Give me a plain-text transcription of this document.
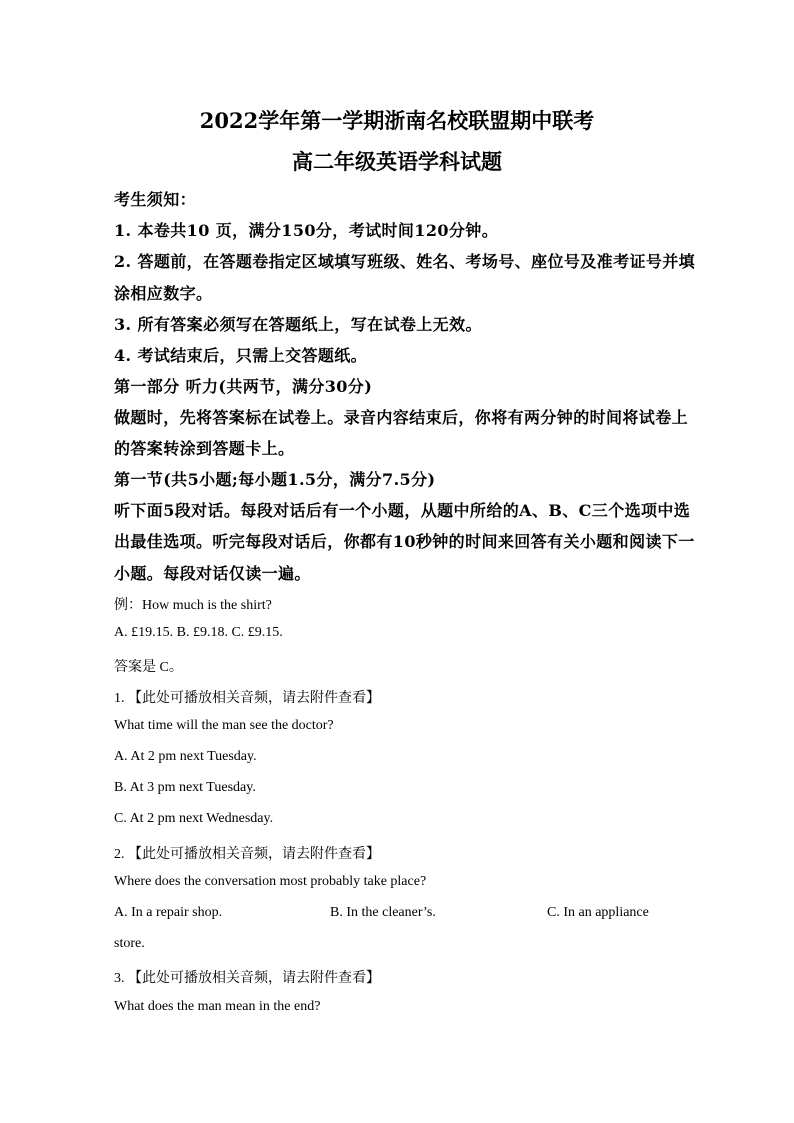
2022学年第一学期浙南名校联盟期中联考
高二年级英语学科试题
考生须知：
1. 本卷共10 页，满分150分，考试时间120分钟。
2. 答题前，在答题卷指定区域填写班级、姓名、考场号、座位号及准考证号并填
涂相应数字。
3. 所有答案必须写在答题纸上，写在试卷上无效。
4. 考试结束后，只需上交答题纸。
第一部分 听力(共两节，满分30分)
做题时，先将答案标在试卷上。录音内容结束后，你将有两分钟的时间将试卷上
的答案转涂到答题卡上。
第一节(共5小题;每小题1.5分，满分7.5分)
听下面5段对话。每段对话后有一个小题，从题中所给的A、B、C三个选项中选
出最佳选项。听完每段对话后，你都有10秒钟的时间来回答有关小题和阅读下一
小题。每段对话仅读一遍。
例：How much is the shirt?
A. £19.15. B. £9.18. C. £9.15.
答案是 C。
1. 【此处可播放相关音频，请去附件查看】
What time will the man see the doctor?
A. At 2 pm next Tuesday.
B. At 3 pm next Tuesday.
C. At 2 pm next Wednesday.
2. 【此处可播放相关音频，请去附件查看】
Where does the conversation most probably take place?
A. In a repair shop.	B. In the cleaner’s.	C. In an appliance
store.
3. 【此处可播放相关音频，请去附件查看】
What does the man mean in the end?
